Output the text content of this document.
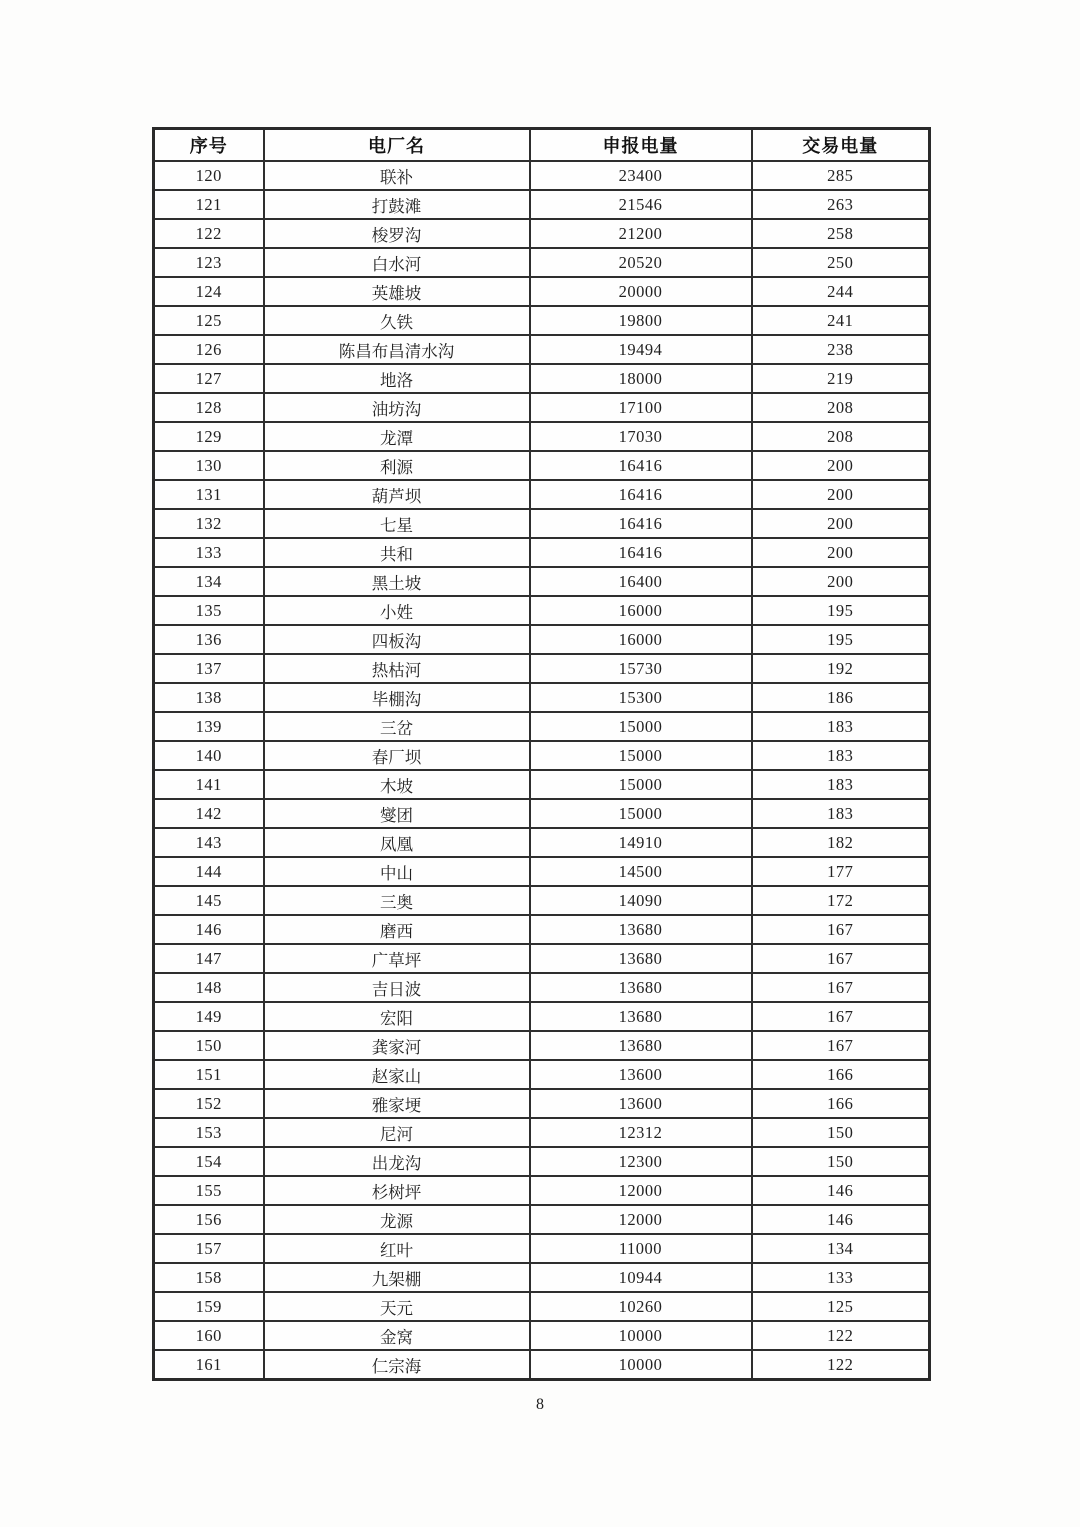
序号	电厂名	申报电量	交易电量
120	联补	23400	285
121	打鼓滩	21546	263
122	梭罗沟	21200	258
123	白水河	20520	250
124	英雄坡	20000	244
125	久铁	19800	241
126	陈昌布昌清水沟	19494	238
127	地洛	18000	219
128	油坊沟	17100	208
129	龙潭	17030	208
130	利源	16416	200
131	葫芦坝	16416	200
132	七星	16416	200
133	共和	16416	200
134	黑土坡	16400	200
135	小姓	16000	195
136	四板沟	16000	195
137	热枯河	15730	192
138	毕棚沟	15300	186
139	三岔	15000	183
140	春厂坝	15000	183
141	木坡	15000	183
142	燮团	15000	183
143	凤凰	14910	182
144	中山	14500	177
145	三奥	14090	172
146	磨西	13680	167
147	广草坪	13680	167
148	吉日波	13680	167
149	宏阳	13680	167
150	龚家河	13680	167
151	赵家山	13600	166
152	雅家埂	13600	166
153	尼河	12312	150
154	出龙沟	12300	150
155	杉树坪	12000	146
156	龙源	12000	146
157	红叶	11000	134
158	九架棚	10944	133
159	天元	10260	125
160	金窝	10000	122
161	仁宗海	10000	122
8
